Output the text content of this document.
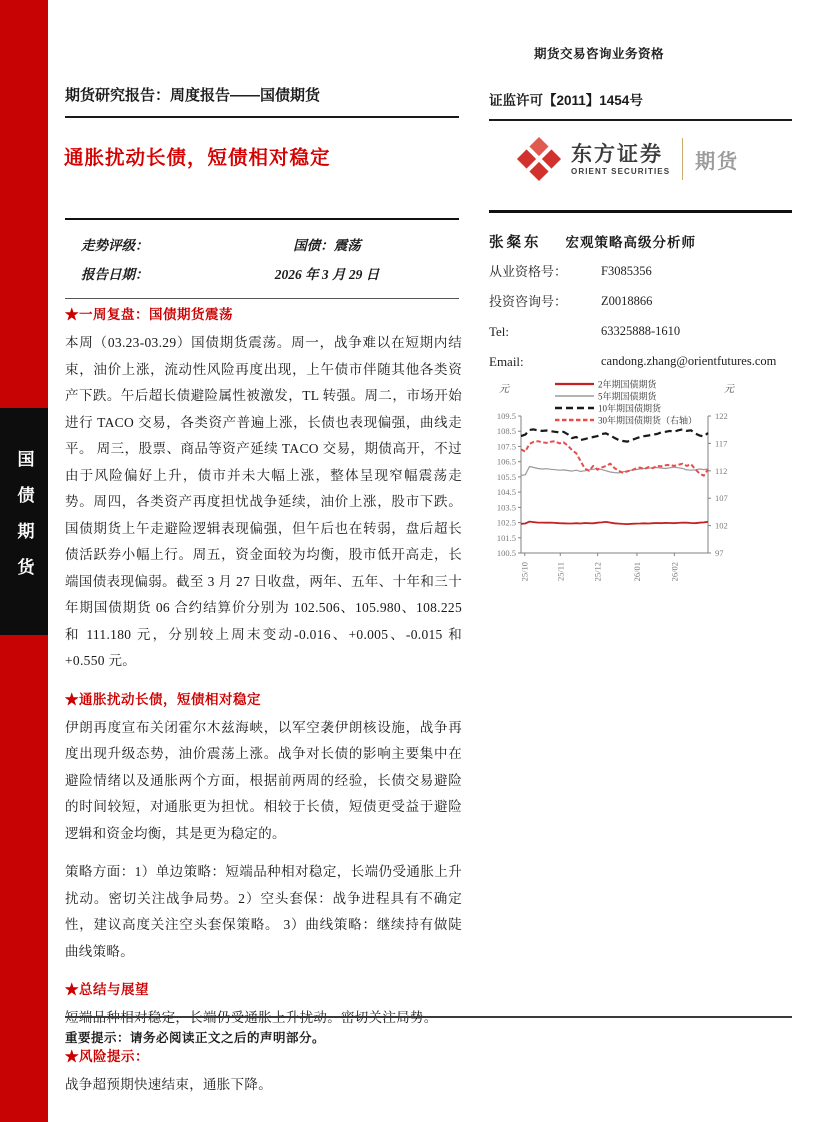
国债期货
期货交易咨询业务资格
期货研究报告：周度报告——国债期货	证监许可【2011】1454号
通胀扰动长债，短债相对稳定	东方证券
ORIENT SECURITIES 期货
走势评级：	国债：震荡
报告日期：	2026 年 3 月 29 日
★一周复盘：国债期货震荡

本周（03.23-03.29）国债期货震荡。周一，战争难以在短期内结束，油价上涨，流动性风险再度出现，上午债市伴随其他各类资产下跌。午后超长债避险属性被激发，TL 转强。周二，市场开始进行 TACO 交易，各类资产普遍上涨，长债也表现偏强，曲线走平。 周三，股票、商品等资产延续 TACO 交易，期债高开，不过由于风险偏好上升，债市并未大幅上涨，整体呈现窄幅震荡走势。周四，各类资产再度担忧战争延续，油价上涨，股市下跌。国债期货上午走避险逻辑表现偏强，但午后也在转弱，盘后超长债活跃券小幅上行。周五，资金面较为均衡，股市低开高走，长端国债表现偏弱。截至 3 月 27 日收盘，两年、五年、十年和三十年期国债期货 06 合约结算价分别为 102.506、105.980、108.225 和 111.180 元，分别较上周末变动-0.016、+0.005、-0.015 和+0.550 元。

★通胀扰动长债，短债相对稳定

伊朗再度宣布关闭霍尔木兹海峡，以军空袭伊朗核设施，战争再度出现升级态势，油价震荡上涨。战争对长债的影响主要集中在避险情绪以及通胀两个方面，根据前两周的经验，长债交易避险的时间较短，对通胀更为担忧。相较于长债，短债更受益于避险逻辑和资金均衡，其是更为稳定的。

策略方面：1）单边策略：短端品种相对稳定，长端仍受通胀上升扰动。密切关注战争局势。2）空头套保：战争进程具有不确定性，建议高度关注空头套保策略。 3）曲线策略：继续持有做陡曲线策略。

★总结与展望

短端品种相对稳定，长端仍受通胀上升扰动。密切关注局势。

★风险提示：

战争超预期快速结束，通胀下降。

张粲东 宏观策略高级分析师
从业资格号：	F3085356
投资咨询号：	Z0018866
Tel:	63325888-1610
Email:	candong.zhang@orientfutures.com
元	元
2年期国债期货
5年期国债期货
10年期国债期货
30年期国债期货（右轴）
109.5
108.5
107.5
106.5
105.5
104.5
103.5
102.5
101.5
100.5
122
117
112
107
102
97
25/10	25/11	25/12	26/01	26/02
重要提示：请务必阅读正文之后的声明部分。
